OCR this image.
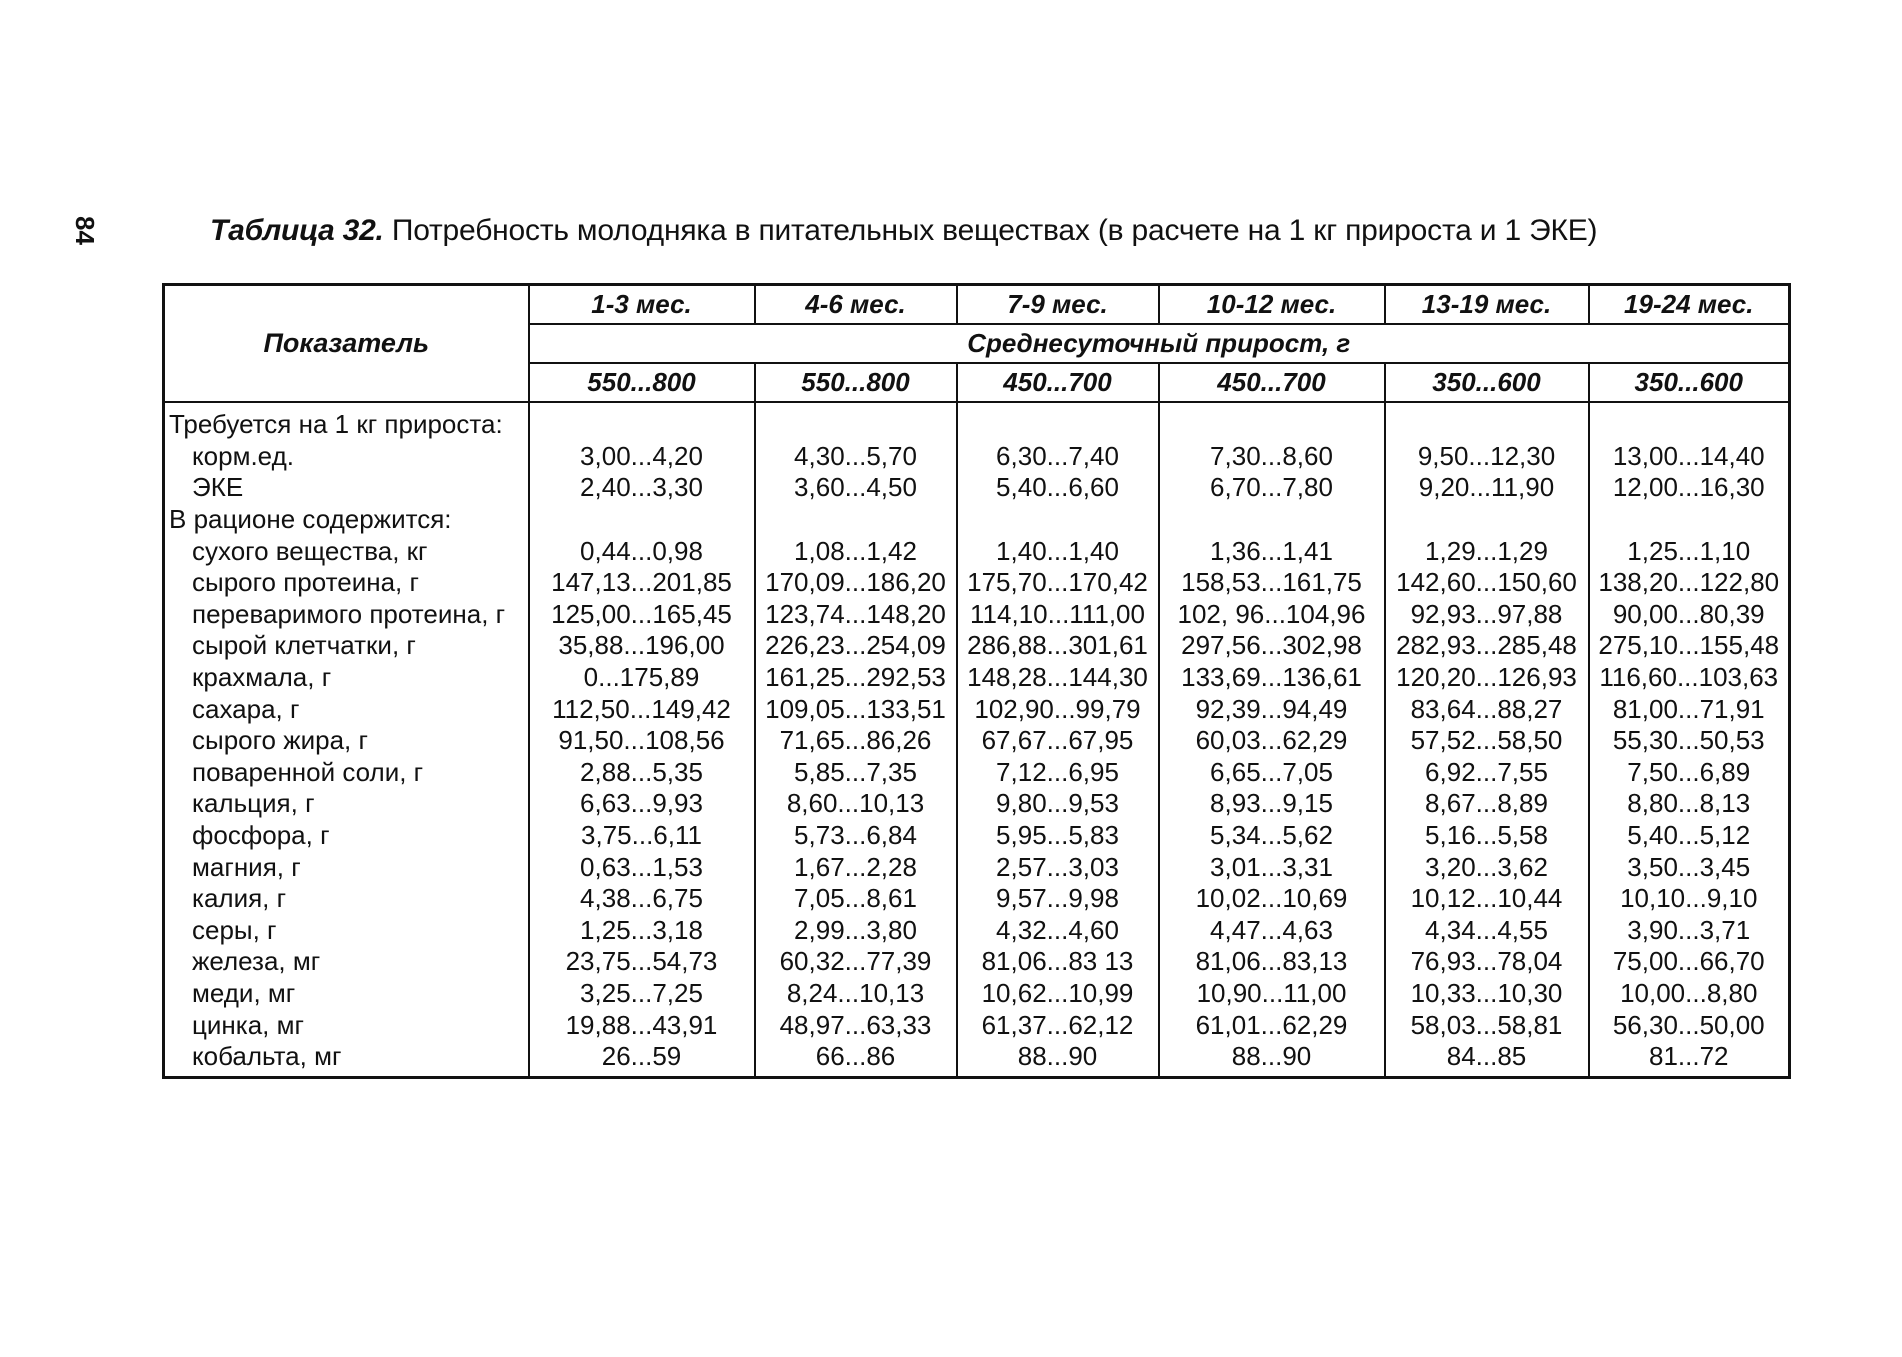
84	Таблица 32. Потребность молодняка в питательных веществах (в расчете на 1 кг прироста и 1 ЭКЕ)
Показатель	1-3 мес.	4-6 мес.	7-9 мес.	10-12 мес.	13-19 мес.	19-24 мес.
	Среднесуточный прирост, г					
	550...800	550...800	450...700	450...700	350...600	350...600
Требуется на 1 кг прироста:						
корм.ед.	3,00...4,20	4,30...5,70	6,30...7,40	7,30...8,60	9,50...12,30	13,00...14,40
ЭКЕ	2,40...3,30	3,60...4,50	5,40...6,60	6,70...7,80	9,20...11,90	12,00...16,30
В рационе содержится:						
сухого вещества, кг	0,44...0,98	1,08...1,42	1,40...1,40	1,36...1,41	1,29...1,29	1,25...1,10
сырого протеина, г	147,13...201,85	170,09...186,20	175,70...170,42	158,53...161,75	142,60...150,60	138,20...122,80
переваримого протеина, г	125,00...165,45	123,74...148,20	114,10...111,00	102, 96...104,96	92,93...97,88	90,00...80,39
сырой клетчатки, г	35,88...196,00	226,23...254,09	286,88...301,61	297,56...302,98	282,93...285,48	275,10...155,48
крахмала, г	0...175,89	161,25...292,53	148,28...144,30	133,69...136,61	120,20...126,93	116,60...103,63
сахара, г	112,50...149,42	109,05...133,51	102,90...99,79	92,39...94,49	83,64...88,27	81,00...71,91
сырого жира, г	91,50...108,56	71,65...86,26	67,67...67,95	60,03...62,29	57,52...58,50	55,30...50,53
поваренной соли, г	2,88...5,35	5,85...7,35	7,12...6,95	6,65...7,05	6,92...7,55	7,50...6,89
кальция, г	6,63...9,93	8,60...10,13	9,80...9,53	8,93...9,15	8,67...8,89	8,80...8,13
фосфора, г	3,75...6,11	5,73...6,84	5,95...5,83	5,34...5,62	5,16...5,58	5,40...5,12
магния, г	0,63...1,53	1,67...2,28	2,57...3,03	3,01...3,31	3,20...3,62	3,50...3,45
калия, г	4,38...6,75	7,05...8,61	9,57...9,98	10,02...10,69	10,12...10,44	10,10...9,10
серы, г	1,25...3,18	2,99...3,80	4,32...4,60	4,47...4,63	4,34...4,55	3,90...3,71
железа, мг	23,75...54,73	60,32...77,39	81,06...83 13	81,06...83,13	76,93...78,04	75,00...66,70
меди, мг	3,25...7,25	8,24...10,13	10,62...10,99	10,90...11,00	10,33...10,30	10,00...8,80
цинка, мг	19,88...43,91	48,97...63,33	61,37...62,12	61,01...62,29	58,03...58,81	56,30...50,00
кобальта, мг	26...59	66...86	88...90	88...90	84...85	81...72
